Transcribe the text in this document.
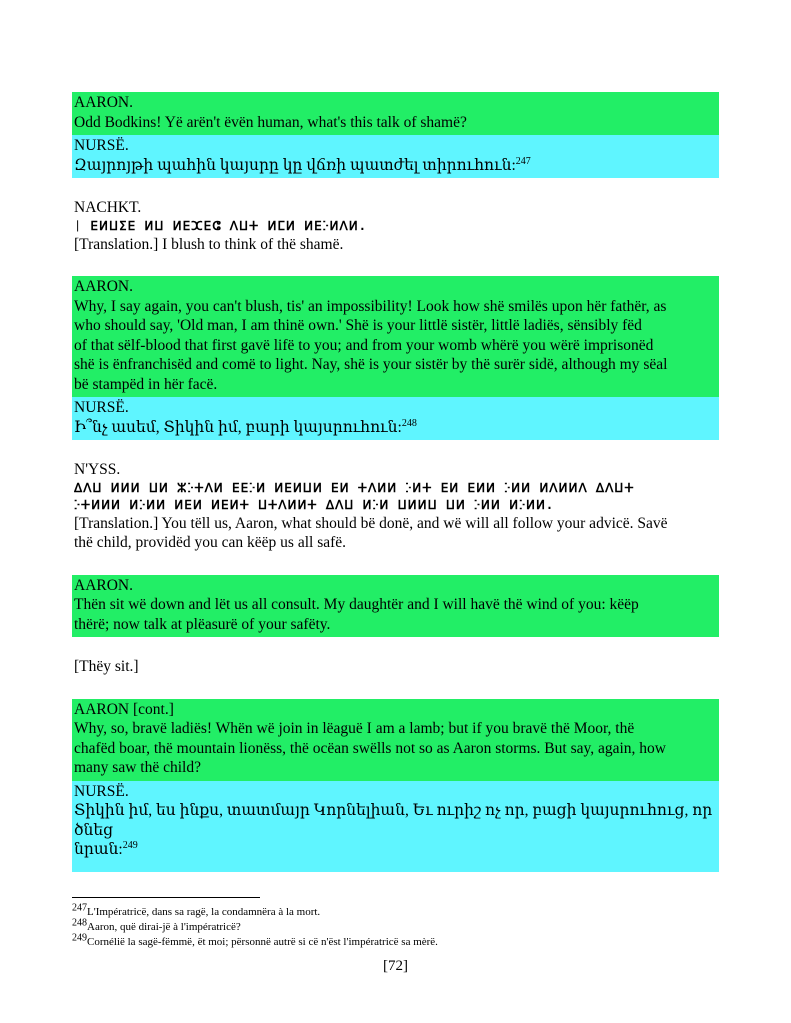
AARON.
Odd Bodkins! Yë arën't ëvën human, what's this talk of shamë?
NURSË.
Զայրոյթի պահին կայսրը կը վճռի պատժել տիրուհուն:$^{247}$
NACHKT.
ᛁ ⴹⵍⵡⵉⴹ ⵍⵡ ⵍⴹⵋⴹⵛ ⴷⵡⵜ ⵍⵎⵍ ⵍⴹⴾⵍⴷⵍ.
[Translation.] I blush to think of thë shamë.
AARON.
Why, I say again, you can't blush, tis' an impossibility! Look how shë smilës upon hër fathër, as
who should say, 'Old man, I am thinë own.' Shë is your littlë sistër, littlë ladiës, sënsibly fëd
of that sëlf-blood that first gavë lifë to you; and from your womb whërë you wërë imprisonëd
shë is ënfranchisëd and comë to light. Nay, shë is your sistër by thë surër sidë, although my sëal
bë stampëd in hër facë.
NURSË.
Ի՞նչ ասեմ, Տիկին իմ, բարի կայսրուհուն:$^{248}$
N'YSS.
ⵠⴷⵡ ⵍⵍⵍ ⵡⵍ ⵣⴾⵜⴷⵍ ⴹⴹⴾⵍ ⵍⴹⵍⵡⵍ ⴹⵍ ⵜⴷⵍⵍ ⴾⵍⵜ ⴹⵍ ⴹⵍⵍ ⴾⵍⵍ ⵍⴷⵍⵍⴷ ⵠⴷⵡⵜ
ⴾⵜⵍⵍⵍ ⵍⴾⵍⵍ ⵍⴹⵍ ⵍⴹⵍⵜ ⵡⵜⴷⵍⵍⵜ ⵠⴷⵡ ⵍⴾⵍ ⵡⵍⵍⵡ ⵡⵍ ⴾⵍⵍ ⵍⴾⵍⵍ.
[Translation.] You tëll us, Aaron, what should bë donë, and wë will all follow your advicë. Savë
thë child, providëd you can këëp us all safë.
AARON.
Thën sit wë down and lët us all consult. My daughtër and I will havë thë wind of you: këëp
thërë; now talk at plëasurë of your safëty.
[Thëy sit.]
AARON [cont.]
Why, so, bravë ladiës! Whën wë join in lëaguë I am a lamb; but if you bravë thë Moor, thë
chafëd boar, thë mountain lionëss, thë ocëan swëlls not so as Aaron storms. But say, again, how
many saw thë child?
NURSË.
Տիկին իմ, ես ինքս, տատմայր Կորնելիան, Եւ ուրիշ ոչ որ, բացի կայսրուհուց, որ ծնեց
նրան:$^{249}$
$^{247}$L'Impératricë, dans sa ragë, la condamnëra à la mort.
$^{248}$Aaron, quë dirai-jë à l'impératricë?
$^{249}$Cornéliё la sagë-fëmmë, ët moi; përsonnë autrë si cë n'ëst l'impératricë sa mèrë.
[72]
